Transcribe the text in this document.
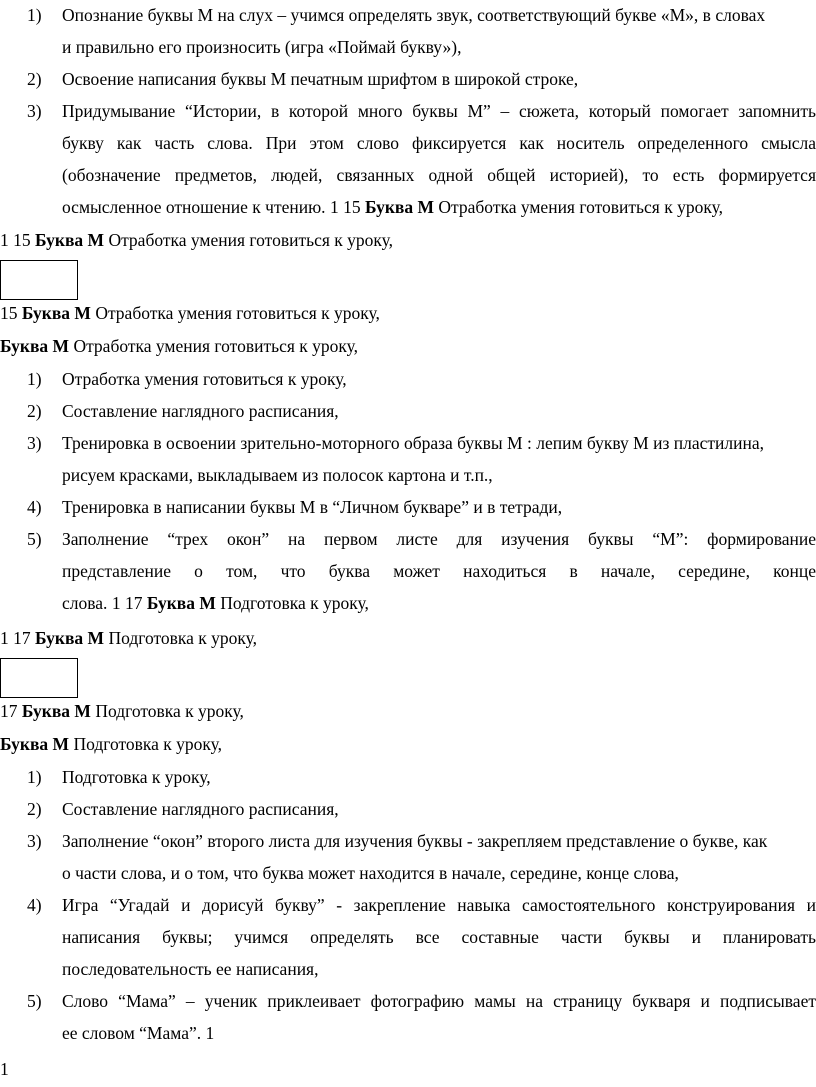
1) Опознание буквы М на слух – учимся определять звук, соответствующий букве «М», в словах
и правильно его произносить (игра «Поймай букву»),
2) Освоение написания буквы М печатным шрифтом в широкой строке,
3) Придумывание “Истории, в которой много буквы М” – сюжета, который помогает запомнить
букву как часть слова. При этом слово фиксируется как носитель определенного смысла
(обозначение предметов, людей, связанных одной общей историей), то есть формируется
осмысленное отношение к чтению. 1 15 Буква М Отработка умения готовиться к уроку,
1 15 Буква М Отработка умения готовиться к уроку,
15 Буква М Отработка умения готовиться к уроку,
Буква М Отработка умения готовиться к уроку,
1) Отработка умения готовиться к уроку,
2) Составление наглядного расписания,
3) Тренировка в освоении зрительно-моторного образа буквы М : лепим букву М из пластилина,
рисуем красками, выкладываем из полосок картона и т.п.,
4) Тренировка в написании буквы М в “Личном букваре” и в тетради,
5) Заполнение “трех окон” на первом листе для изучения буквы “М”: формирование
представление о том, что буква может находиться в начале, середине, конце
слова. 1 17 Буква М Подготовка к уроку,
1 17 Буква М Подготовка к уроку,
17 Буква М Подготовка к уроку,
Буква М Подготовка к уроку,
1) Подготовка к уроку,
2) Составление наглядного расписания,
3) Заполнение “окон” второго листа для изучения буквы - закрепляем представление о букве, как
о части слова, и о том, что буква может находится в начале, середине, конце слова,
4) Игра “Угадай и дорисуй букву” - закрепление навыка самостоятельного конструирования и
написания буквы; учимся определять все составные части буквы и планировать
последовательность ее написания,
5) Слово “Мама” – ученик приклеивает фотографию мамы на страницу букваря и подписывает
ее словом “Мама”. 1
1
